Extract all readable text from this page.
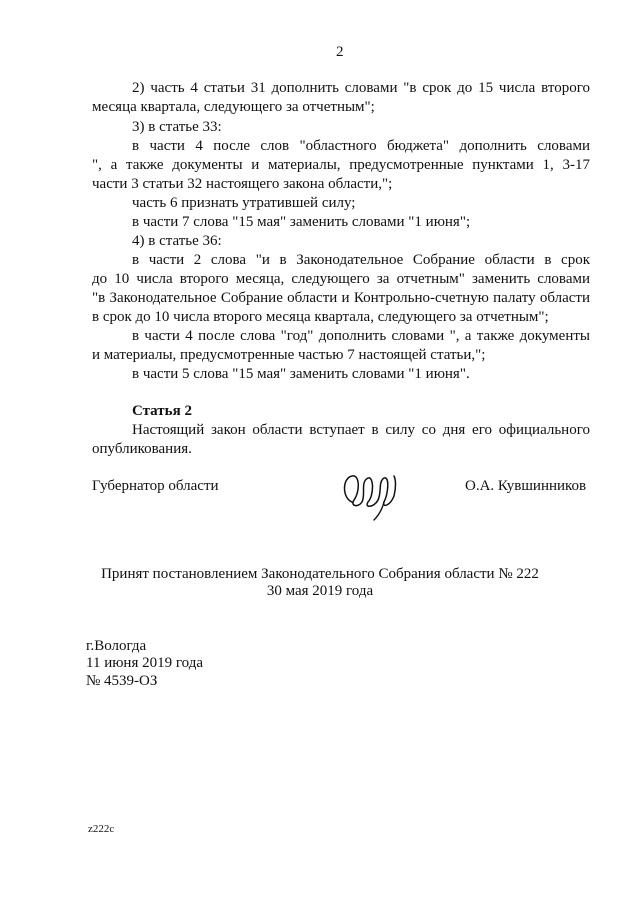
2
2) часть 4 статьи 31 дополнить словами "в срок до 15 числа второго
месяца квартала, следующего за отчетным";
3) в статье 33:
в части 4 после слов "областного бюджета" дополнить словами
", а также документы и материалы, предусмотренные пунктами 1, 3-17
части 3 статьи 32 настоящего закона области,";
часть 6 признать утратившей силу;
в части 7 слова "15 мая" заменить словами "1 июня";
4) в статье 36:
в части 2 слова "и в Законодательное Собрание области в срок
до 10 числа второго месяца, следующего за отчетным" заменить словами
"в Законодательное Собрание области и Контрольно-счетную палату области
в срок до 10 числа второго месяца квартала, следующего за отчетным";
в части 4 после слова "год" дополнить словами ", а также документы
и материалы, предусмотренные частью 7 настоящей статьи,";
в части 5 слова "15 мая" заменить словами "1 июня".
Статья 2
Настоящий закон области вступает в силу со дня его официального
опубликования.
Губернатор области	О.А. Кувшинников
Принят постановлением Законодательного Собрания области № 222
30 мая 2019 года
г.Вологда
11 июня 2019 года
№ 4539-ОЗ
z222c
